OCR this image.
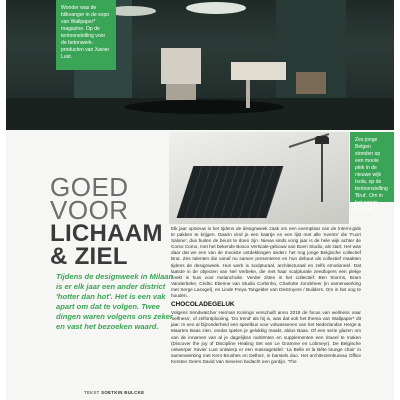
Wonder was de blikvanger in de expo van Wallpaper* magazine. Op de tentoonstelling voor de betonwerk-producten van Xavier Lust.

Zes jonge Belgen stonden op een mooie plek in de nieuwe wijk Isola, op de tentoonstelling 'Brut'. Om in het oog te houden.

GOED
VOOR
LICHAAM
& ZIEL
Tijdens de designweek in Milaan is er elk jaar een ander district 'hotter dan hot'. Het is een vak apart om dat te volgen. Twee dingen waren volgens ons zeker en vast het bezoeken waard.
TEKST SOETKIN BULCKE

Elk jaar opnieuw is het tijdens de designweek zaak om een exemplaar van de Interni-gids te pakken te krijgen. Daarin vind je een kaartje en een lijst met alle 'events' die 'Fuori Salone', dus buiten de beurs te doen zijn. Nieuw sinds vorig jaar is de hele wijk achter de Corso Como, met het bekende Bosco Verticale-gebouw van Boeri Studio, als start. Het was daar dat we een van de mooiste ontdekkingen deden: het nog jonge Belgische collectief Brut. Zes talenten die vanaf nu samen presenteren en hun debuut als collectief maakten tijdens de designweek. Hun werk is sculpturaal, architecturaal en zelfs emotioneel. Dat laatste in de objecten van Nel Verbeke, die met haar sculpturale zeedlopers een plekje zoekt in huis voor melancholie. Verder zitten in het collectief: Ben Storms, Bram Vanderbeke, Cédric Etienne van Studio Corbinho, Charlotte Jonckheer (in samenwerking met Serge Lasogel), en Linde Freya Tangelder van Destroyers / Builders. Om in het oog te houden.

CHOCOLADEGELUK

Volgens trendwatcher Herman Konings verschuift anno 2018 de focus van wellness naar 'selfness', of zelfontplooiing. 'Do trend' als hij is, was dat ook het thema van Wallpaper* dit jaar. In een al bijzonderheid een speelbus voor volwassenen van het Nederlandse Herge & Maarten Baas zien, omdat spelen je gelukkig maakt, aldus Baas. Of een serie glazen om van de innamen van al je dagelijkse nutriënten en supplementen een ritueel te maken (Discover the joy of Discipline Healing Set van Le Gramme en Lobmeyr). De Belgische ontwerper Xavier Lust ontwierp er een massagetafel: 'La Belle et la Bête lounge chair' in samenwerking met Kent Brushes en Delhez, in barstels duo. Het architectenbureau Office Kersten Geers David Van Severen bedacht een gordijn. 'The
